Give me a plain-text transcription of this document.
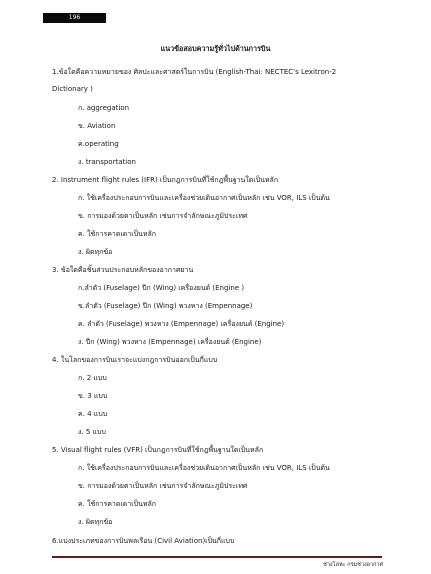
196
แนวข้อสอบความรู้ทั่วไปด้านการบิน
1.ข้อใดคือความหมายของ ศิลปะและศาสตร์ในการบิน (English-Thai: NECTEC's Lexitron-2
Dictionary )
ก. aggregation
ข. Aviation
ค.operating
ง. transportation
2. Instrument flight rules (IFR) เป็นกฎการบินที่ใช้กฎพื้นฐานใดเป็นหลัก
ก. ใช้เครื่องประกอบการบินและเครื่องช่วยเดินอากาศเป็นหลัก เช่น VOR, ILS เป็นต้น
ข. การมองด้วยตาเป็นหลัก เช่นการจำลักษณะภูมิประเทศ
ค. ใช้การคาดเดาเป็นหลัก
ง. ผิดทุกข้อ
3. ข้อใดคือชิ้นส่วนประกอบหลักของอากาศยาน
ก.ลำตัว (Fuselage) ปีก (Wing) เครื่องยนต์ (Engine )
ข.ลำตัว (Fuselage) ปีก (Wing) พวงหาง (Empennage)
ค. ลำตัว (Fuselage) พวงหาง (Empennage) เครื่องยนต์ (Engine)
ง. ปีก (Wing) พวงหาง (Empennage) เครื่องยนต์ (Engine)
4. ในโลกของการบินเราจะแบ่งกฎการบินออกเป็นกี่แบบ
ก. 2 แบบ
ข. 3 แบบ
ค. 4 แบบ
ง. 5 แบบ
5. Visual flight rules (VFR) เป็นกฎการบินที่ใช้กฎพื้นฐานใดเป็นหลัก
ก. ใช้เครื่องประกอบการบินและเครื่องช่วยเดินอากาศเป็นหลัก เช่น VOR, ILS เป็นต้น
ข. การมองด้วยตาเป็นหลัก เช่นการจำลักษณะภูมิประเทศ
ค. ใช้การคาดเดาเป็นหลัก
ง. ผิดทุกข้อ
6.แบ่งประเภทของการบินพลเรือน (Civil Aviation)เป็นกี่แบบ
ช่างโลหะ กรมช่างอากาศ
